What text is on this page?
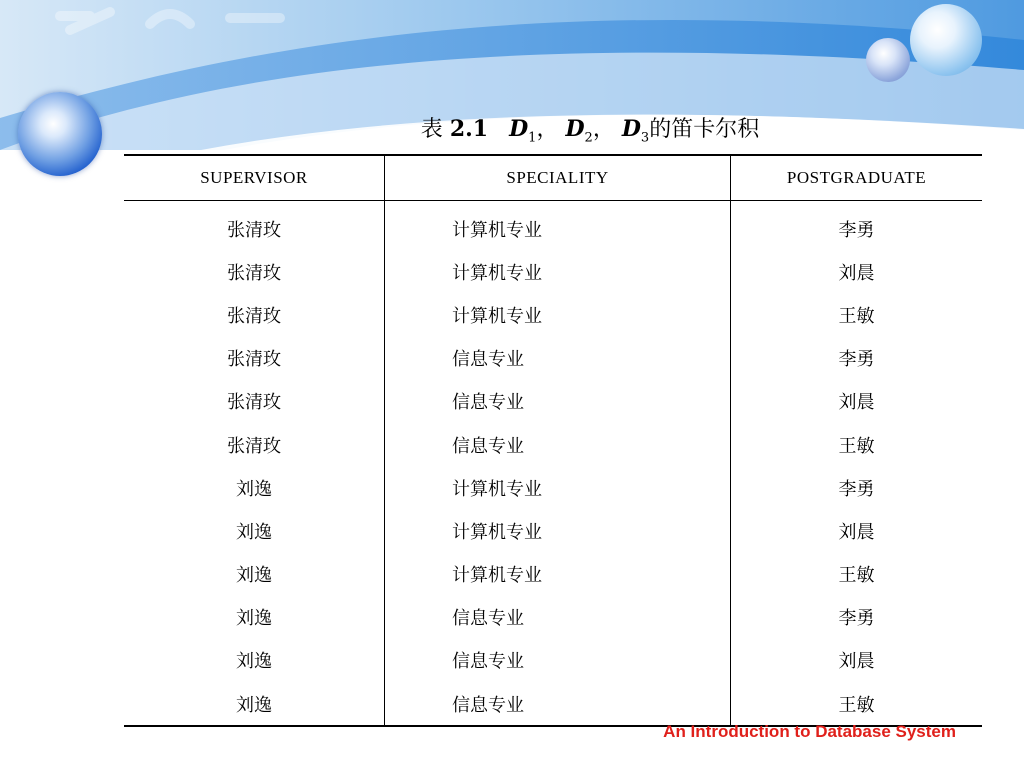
表 2.1 $D_1$， $D_2$， $D_3$的笛卡尔积
SUPERVISOR	SPECIALITY	POSTGRADUATE
张清玫	计算机专业	李勇
张清玫	计算机专业	刘晨
张清玫	计算机专业	王敏
张清玫	信息专业	李勇
张清玫	信息专业	刘晨
张清玫	信息专业	王敏
刘逸	计算机专业	李勇
刘逸	计算机专业	刘晨
刘逸	计算机专业	王敏
刘逸	信息专业	李勇
刘逸	信息专业	刘晨
刘逸	信息专业	王敏
An Introduction to Database System
